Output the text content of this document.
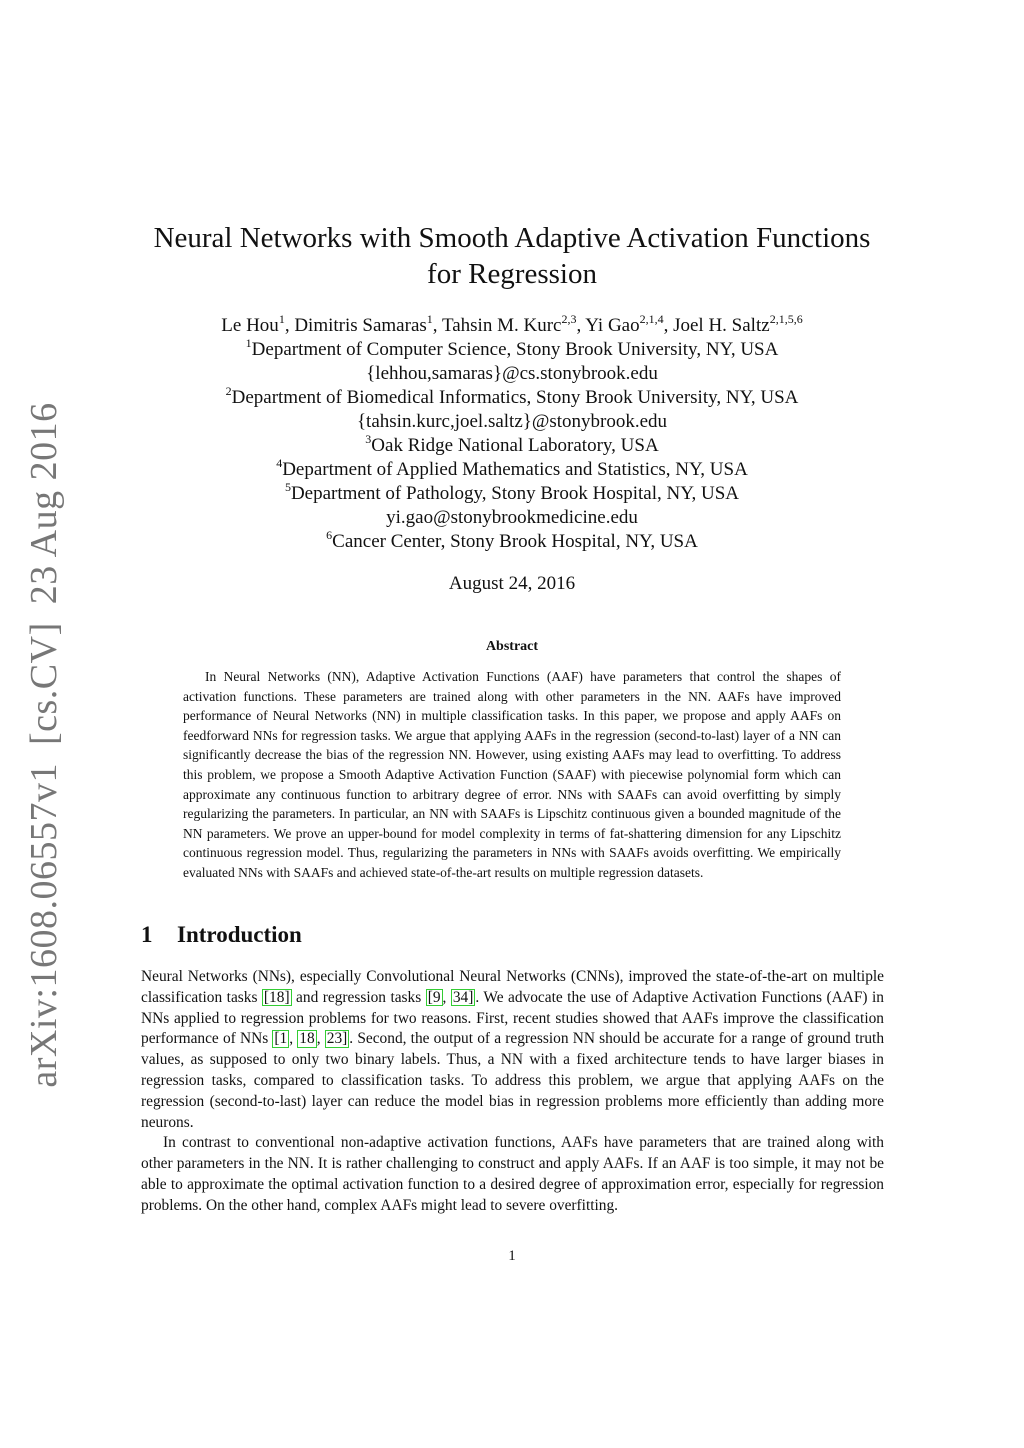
arXiv:1608.06557v1[cs.CV]23 Aug 2016
Neural Networks with Smooth Adaptive Activation Functions
for Regression
Le Hou$^1$, Dimitris Samaras$^1$, Tahsin M. Kurc$^{2,3}$, Yi Gao$^{2,1,4}$, Joel H. Saltz$^{2,1,5,6}$
$^1$Department of Computer Science, Stony Brook University, NY, USA
{lehhou,samaras}@cs.stonybrook.edu
$^2$Department of Biomedical Informatics, Stony Brook University, NY, USA
{tahsin.kurc,joel.saltz}@stonybrook.edu
$^3$Oak Ridge National Laboratory, USA
$^4$Department of Applied Mathematics and Statistics, NY, USA
$^5$Department of Pathology, Stony Brook Hospital, NY, USA
yi.gao@stonybrookmedicine.edu
$^6$Cancer Center, Stony Brook Hospital, NY, USA
August 24, 2016
Abstract

In Neural Networks (NN), Adaptive Activation Functions (AAF) have parameters that control the shapes of activation functions. These parameters are trained along with other parameters in the NN. AAFs have improved performance of Neural Networks (NN) in multiple classification tasks. In this paper, we propose and apply AAFs on feedforward NNs for regression tasks. We argue that applying AAFs in the regression (second-to-last) layer of a NN can significantly decrease the bias of the regression NN. However, using existing AAFs may lead to overfitting. To address this problem, we propose a Smooth Adaptive Activation Function (SAAF) with piecewise polynomial form which can approximate any continuous function to arbitrary degree of error. NNs with SAAFs can avoid overfitting by simply regularizing the parameters. In particular, an NN with SAAFs is Lipschitz continuous given a bounded magnitude of the NN parameters. We prove an upper-bound for model complexity in terms of fat-shattering dimension for any Lipschitz continuous regression model. Thus, regularizing the parameters in NNs with SAAFs avoids overfitting. We empirically evaluated NNs with SAAFs and achieved state-of-the-art results on multiple regression datasets.

1 Introduction

Neural Networks (NNs), especially Convolutional Neural Networks (CNNs), improved the state-of-the-art on multiple classification tasks [18] and regression tasks [9 , 34] . We advocate the use of Adaptive Activation Functions (AAF) in NNs applied to regression problems for two reasons. First, recent studies showed that AAFs improve the classification performance of NNs [1 , 18 , 23] . Second, the output of a regression NN should be accurate for a range of ground truth values, as supposed to only two binary labels. Thus, a NN with a fixed architecture tends to have larger biases in regression tasks, compared to classification tasks. To address this problem, we argue that applying AAFs on the regression (second-to-last) layer can reduce the model bias in regression problems more efficiently than adding more neurons.

In contrast to conventional non-adaptive activation functions, AAFs have parameters that are trained along with other parameters in the NN. It is rather challenging to construct and apply AAFs. If an AAF is too simple, it may not be able to approximate the optimal activation function to a desired degree of approximation error, especially for regression problems. On the other hand, complex AAFs might lead to severe overfitting.

1
